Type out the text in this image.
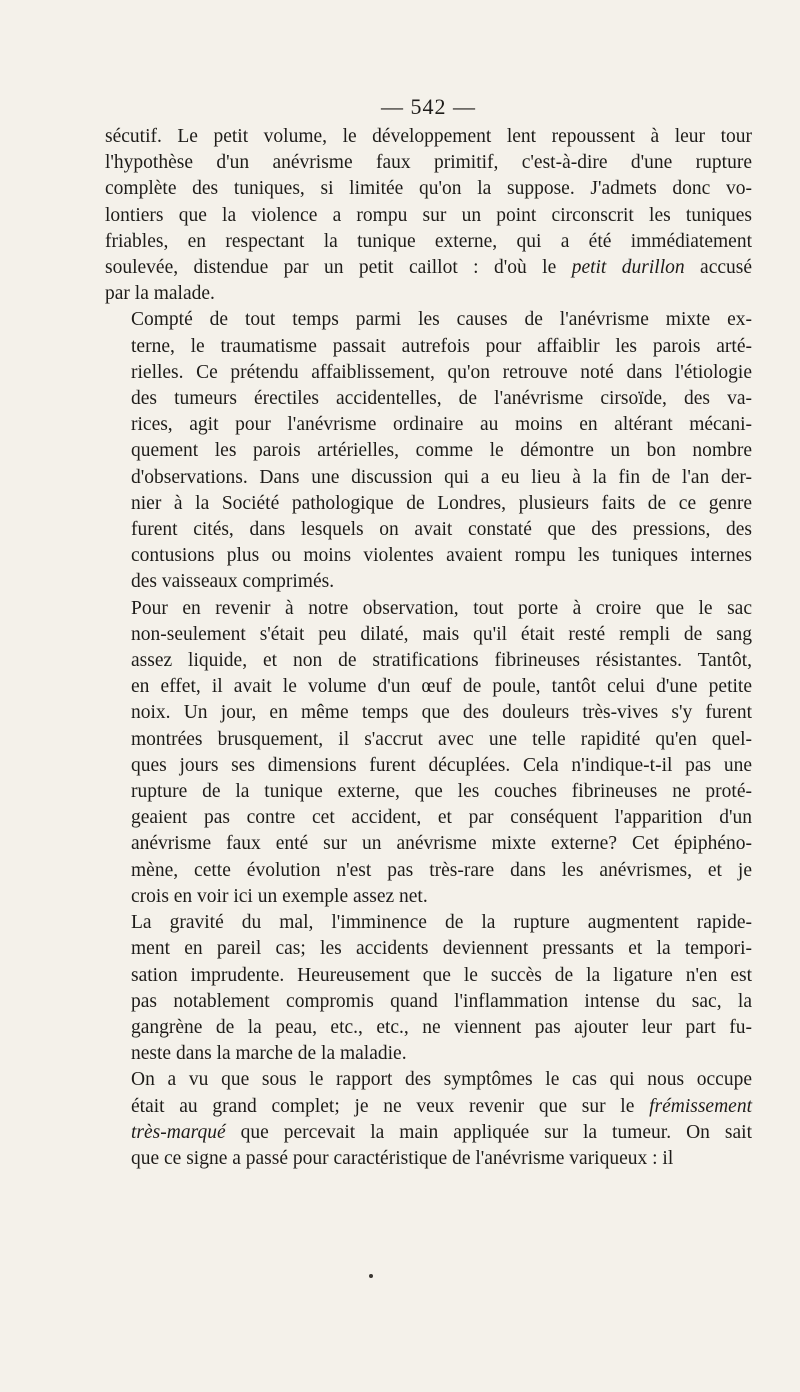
— 542 —

sécutif. Le petit volume, le développement lent repoussent à leur tour
l'hypothèse d'un anévrisme faux primitif, c'est-à-dire d'une rupture
complète des tuniques, si limitée qu'on la suppose. J'admets donc vo-
lontiers que la violence a rompu sur un point circonscrit les tuniques
friables, en respectant la tunique externe, qui a été immédiatement
soulevée, distendue par un petit caillot : d'où le petit durillon accusé
par la malade.

Compté de tout temps parmi les causes de l'anévrisme mixte ex-
terne, le traumatisme passait autrefois pour affaiblir les parois arté-
rielles. Ce prétendu affaiblissement, qu'on retrouve noté dans l'étiologie
des tumeurs érectiles accidentelles, de l'anévrisme cirsoïde, des va-
rices, agit pour l'anévrisme ordinaire au moins en altérant mécani-
quement les parois artérielles, comme le démontre un bon nombre
d'observations. Dans une discussion qui a eu lieu à la fin de l'an der-
nier à la Société pathologique de Londres, plusieurs faits de ce genre
furent cités, dans lesquels on avait constaté que des pressions, des
contusions plus ou moins violentes avaient rompu les tuniques internes
des vaisseaux comprimés.

Pour en revenir à notre observation, tout porte à croire que le sac
non-seulement s'était peu dilaté, mais qu'il était resté rempli de sang
assez liquide, et non de stratifications fibrineuses résistantes. Tantôt,
en effet, il avait le volume d'un œuf de poule, tantôt celui d'une petite
noix. Un jour, en même temps que des douleurs très-vives s'y furent
montrées brusquement, il s'accrut avec une telle rapidité qu'en quel-
ques jours ses dimensions furent décuplées. Cela n'indique-t-il pas une
rupture de la tunique externe, que les couches fibrineuses ne proté-
geaient pas contre cet accident, et par conséquent l'apparition d'un
anévrisme faux enté sur un anévrisme mixte externe? Cet épiphéno-
mène, cette évolution n'est pas très-rare dans les anévrismes, et je
crois en voir ici un exemple assez net.

La gravité du mal, l'imminence de la rupture augmentent rapide-
ment en pareil cas; les accidents deviennent pressants et la tempori-
sation imprudente. Heureusement que le succès de la ligature n'en est
pas notablement compromis quand l'inflammation intense du sac, la
gangrène de la peau, etc., etc., ne viennent pas ajouter leur part fu-
neste dans la marche de la maladie.

On a vu que sous le rapport des symptômes le cas qui nous occupe
était au grand complet; je ne veux revenir que sur le frémissement
très-marqué que percevait la main appliquée sur la tumeur. On sait
que ce signe a passé pour caractéristique de l'anévrisme variqueux : il
